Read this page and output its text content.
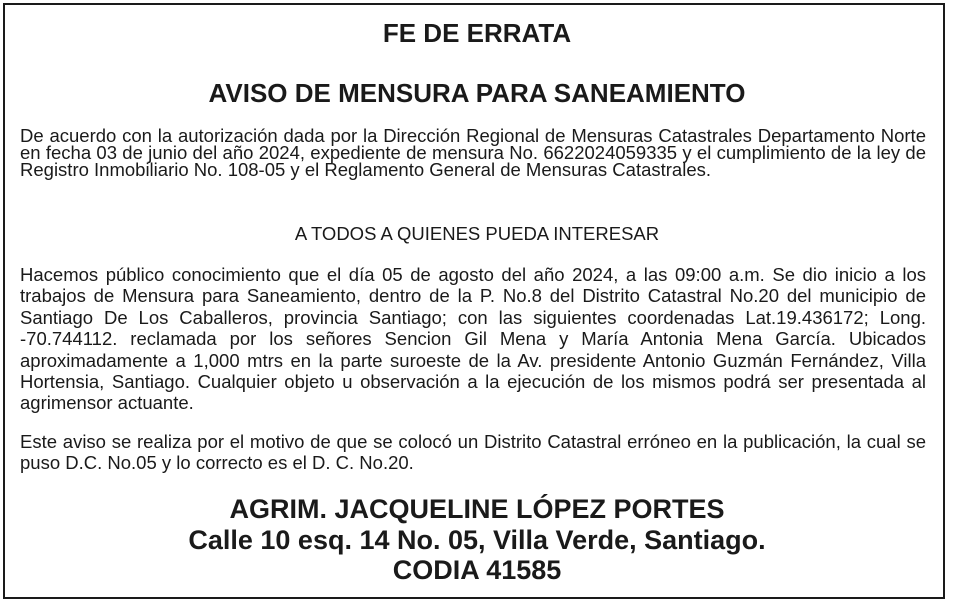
FE DE ERRATA
AVISO DE MENSURA PARA SANEAMIENTO

De acuerdo con la autorización dada por la Dirección Regional de Mensuras Catastrales Departamento Norte en fecha 03 de junio del año 2024, expediente de mensura No. 6622024059335 y el cumplimiento de la ley de Registro Inmobiliario No. 108-05 y el Reglamento General de Mensuras Catastrales.

A TODOS A QUIENES PUEDA INTERESAR

Hacemos público conocimiento que el día 05 de agosto del año 2024, a las 09:00 a.m. Se dio inicio a los trabajos de Mensura para Saneamiento, dentro de la P. No.8 del Distrito Catastral No.20 del municipio de Santiago De Los Caballeros, provincia Santiago; con las siguientes coordenadas Lat.19.436172; Long. -70.744112. reclamada por los señores Sencion Gil Mena y María Antonia Mena García. Ubicados aproximadamente a 1,000 mtrs en la parte suroeste de la Av. presidente Antonio Guzmán Fernández, Villa Hortensia, Santiago. Cualquier objeto u observación a la ejecución de los mismos podrá ser presentada al agrimensor actuante.

Este aviso se realiza por el motivo de que se colocó un Distrito Catastral erróneo en la publicación, la cual se puso D.C. No.05 y lo correcto es el D. C. No.20.

AGRIM. JACQUELINE LÓPEZ PORTES

Calle 10 esq. 14 No. 05, Villa Verde, Santiago.

CODIA 41585
